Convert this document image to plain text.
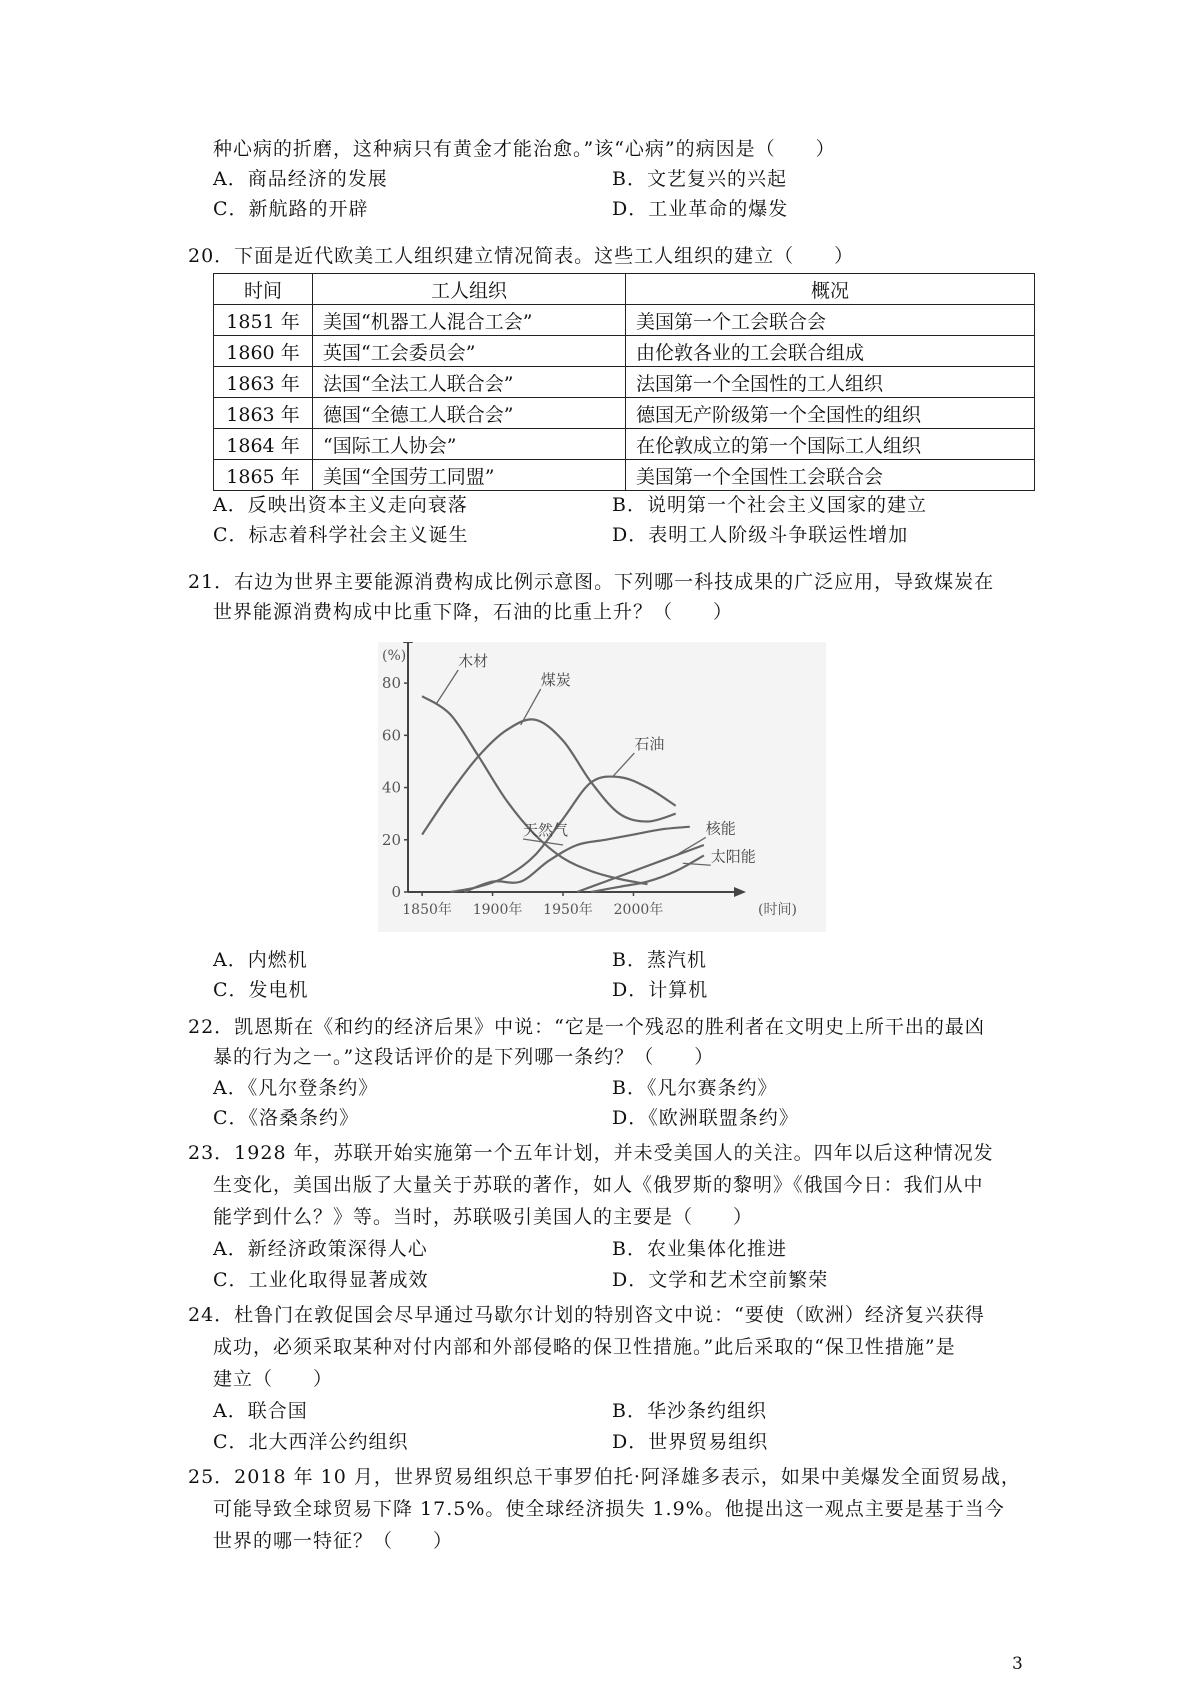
种心病的折磨，这种病只有黄金才能治愈。”该“心病”的病因是（　　）
A．商品经济的发展	B．文艺复兴的兴起
C．新航路的开辟	D．工业革命的爆发
20．下面是近代欧美工人组织建立情况简表。这些工人组织的建立（　　）
时间	工人组织	概况
1851 年	美国“机器工人混合工会”	美国第一个工会联合会
1860 年	英国“工会委员会”	由伦敦各业的工会联合组成
1863 年	法国“全法工人联合会”	法国第一个全国性的工人组织
1863 年	德国“全德工人联合会”	德国无产阶级第一个全国性的组织
1864 年	“国际工人协会”	在伦敦成立的第一个国际工人组织
1865 年	美国“全国劳工同盟”	美国第一个全国性工会联合会
A．反映出资本主义走向衰落	B．说明第一个社会主义国家的建立
C．标志着科学社会主义诞生	D．表明工人阶级斗争联运性增加
21．右边为世界主要能源消费构成比例示意图。下列哪一科技成果的广泛应用，导致煤炭在
世界能源消费构成中比重下降，石油的比重上升？（　　）
0
20
40
60
80
(%)
1850年 1900年 1950年 2000年	(时间)
木材
煤炭
石油
天然气	核能
太阳能
A．内燃机	B．蒸汽机
C．发电机	D．计算机
22．凯恩斯在《和约的经济后果》中说：“它是一个残忍的胜利者在文明史上所干出的最凶
暴的行为之一。”这段话评价的是下列哪一条约？（　　）
A．《凡尔登条约》	B．《凡尔赛条约》
C．《洛桑条约》	D．《欧洲联盟条约》
23．1928 年，苏联开始实施第一个五年计划，并未受美国人的关注。四年以后这种情况发
生变化，美国出版了大量关于苏联的著作，如人《俄罗斯的黎明》《俄国今日：我们从中
能学到什么？》等。当时，苏联吸引美国人的主要是（　　）
A．新经济政策深得人心	B．农业集体化推进
C．工业化取得显著成效	D．文学和艺术空前繁荣
24．杜鲁门在敦促国会尽早通过马歇尔计划的特别咨文中说：“要使（欧洲）经济复兴获得
成功，必须采取某种对付内部和外部侵略的保卫性措施。”此后采取的“保卫性措施”是
建立（　　）
A．联合国	B．华沙条约组织
C．北大西洋公约组织	D．世界贸易组织
25．2018 年 10 月，世界贸易组织总干事罗伯托·阿泽雄多表示，如果中美爆发全面贸易战，
可能导致全球贸易下降 17.5%。使全球经济损失 1.9%。他提出这一观点主要是基于当今
世界的哪一特征？（　　）
3
